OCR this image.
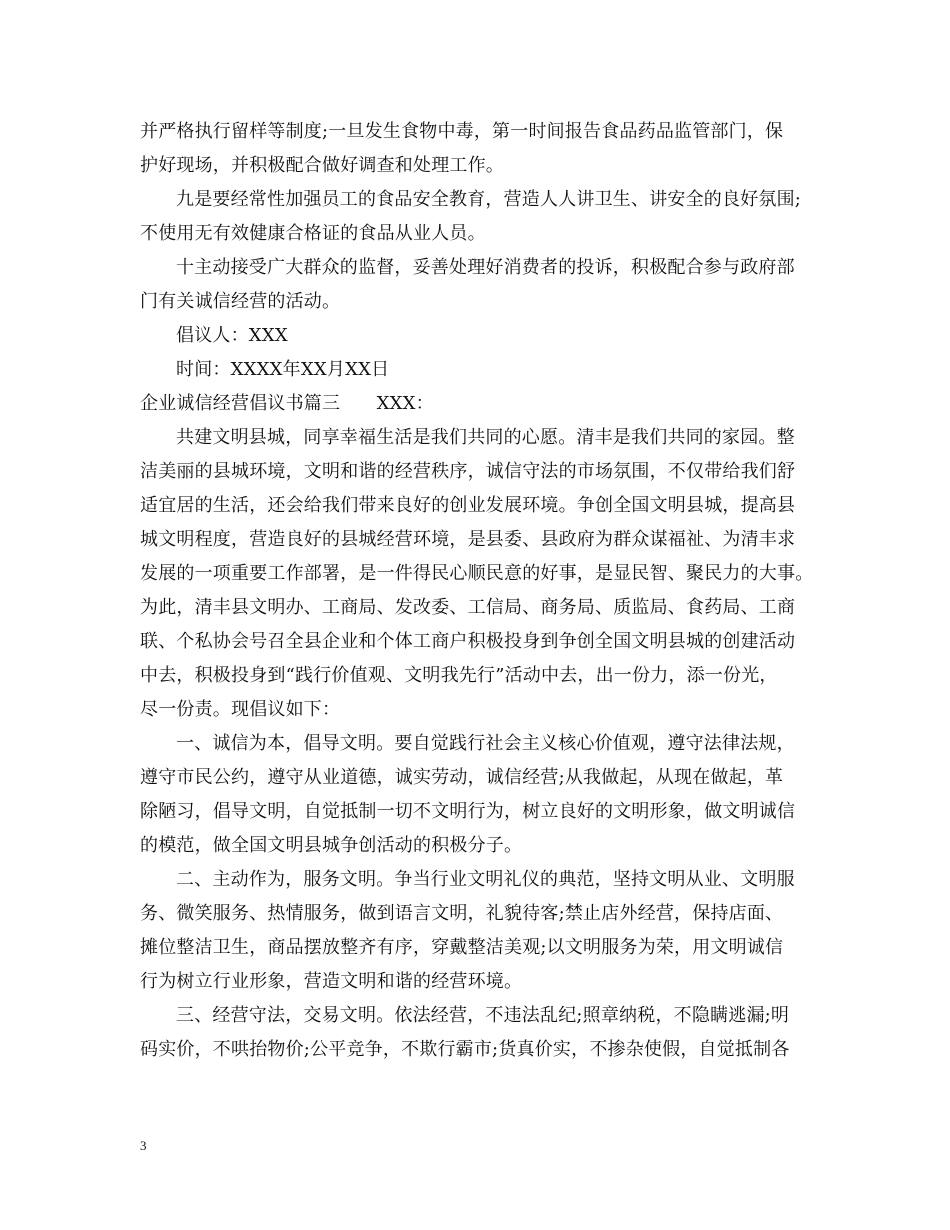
并严格执行留样等制度;一旦发生食物中毒，第一时间报告食品药品监管部门，保
护好现场，并积极配合做好调查和处理工作。
九是要经常性加强员工的食品安全教育，营造人人讲卫生、讲安全的良好氛围;
不使用无有效健康合格证的食品从业人员。
十主动接受广大群众的监督，妥善处理好消费者的投诉，积极配合参与政府部
门有关诚信经营的活动。
倡议人：XXX
时间：XXXX年XX月XX日
企业诚信经营倡议书篇三　　XXX：
共建文明县城，同享幸福生活是我们共同的心愿。清丰是我们共同的家园。整
洁美丽的县城环境，文明和谐的经营秩序，诚信守法的市场氛围，不仅带给我们舒
适宜居的生活，还会给我们带来良好的创业发展环境。争创全国文明县城，提高县
城文明程度，营造良好的县城经营环境，是县委、县政府为群众谋福祉、为清丰求
发展的一项重要工作部署，是一件得民心顺民意的好事，是显民智、聚民力的大事。
为此，清丰县文明办、工商局、发改委、工信局、商务局、质监局、食药局、工商
联、个私协会号召全县企业和个体工商户积极投身到争创全国文明县城的创建活动
中去，积极投身到“践行价值观、文明我先行”活动中去，出一份力，添一份光，
尽一份责。现倡议如下：
一、诚信为本，倡导文明。要自觉践行社会主义核心价值观，遵守法律法规，
遵守市民公约，遵守从业道德，诚实劳动，诚信经营;从我做起，从现在做起，革
除陋习，倡导文明，自觉抵制一切不文明行为，树立良好的文明形象，做文明诚信
的模范，做全国文明县城争创活动的积极分子。
二、主动作为，服务文明。争当行业文明礼仪的典范，坚持文明从业、文明服
务、微笑服务、热情服务，做到语言文明，礼貌待客;禁止店外经营，保持店面、
摊位整洁卫生，商品摆放整齐有序，穿戴整洁美观;以文明服务为荣，用文明诚信
行为树立行业形象，营造文明和谐的经营环境。
三、经营守法，交易文明。依法经营，不违法乱纪;照章纳税，不隐瞒逃漏;明
码实价，不哄抬物价;公平竞争，不欺行霸市;货真价实，不掺杂使假，自觉抵制各
3
